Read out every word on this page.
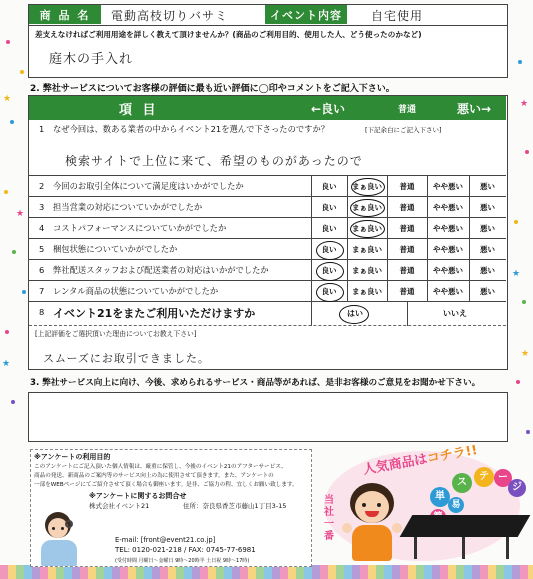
★
★
★
★
★
★
商 品 名	電動高枝切りバサミ	イベント内容	自宅使用
差支えなければご利用用途を詳しく教えて頂けませんか？(商品のご利用目的、使用した人、どう使ったのかなど)
庭木の手入れ
2. 弊社サービスについてお客様の評価に最も近い評価に◯印やコメントをご記入下さい。
項 目	←良い	普通	悪い→
1 なぜ今回は、数ある業者の中からイベント21を選んで下さったのですか？	[下記余白にご記入下さい]
検索サイトで上位に来て、希望のものがあったので
2 今回のお取引全体について満足度はいかがでしたか	良い	まぁ良い	普通	やや悪い	悪い
3 担当営業の対応についていかがでしたか	良い	まぁ良い	普通	やや悪い	悪い
4 コストパフォーマンスについていかがでしたか	良い	まぁ良い	普通	やや悪い	悪い
5 梱包状態についていかがでしたか	良い	まぁ良い	普通	やや悪い	悪い
6 弊社配送スタッフおよび配送業者の対応はいかがでしたか	良い	まぁ良い	普通	やや悪い	悪い
7 レンタル商品の状態についていかがでしたか	良い	まぁ良い	普通	やや悪い	悪い
8 イベント21をまたご利用いただけますか	はい	いいえ
[上記評価をご選択頂いた理由についてお教え下さい]
スムーズにお取引できました。
3. 弊社サービス向上に向け、今後、求められるサービス・商品等があれば、是非お客様のご意見をお聞かせ下さい。
※アンケートの利用目的
このアンケートにご記入頂いた個人情報は、厳重に保管し、今後のイベント21のアフターサービス、
商品の発送、新商品のご案内等のサービス向上の為に使用させて頂きます。また、アンケートの
一部をWEBページにてご紹介させて頂く場合も御座います。是非、ご協力の程、宜しくお願い致します。
※アンケートに関するお問合せ
株式会社イベント21	住所：奈良県香芝市藤山1丁目3-15
E-mail: [front@event21.co.jp]
TEL: 0120-021-218 / FAX: 0745-77-6981
(受付時間 月曜日～金曜日 9時～20時半 土日祝 9時～17時)
人気商品はコチラ!!
当社一番
単
ス
テ ー
ジ
易
